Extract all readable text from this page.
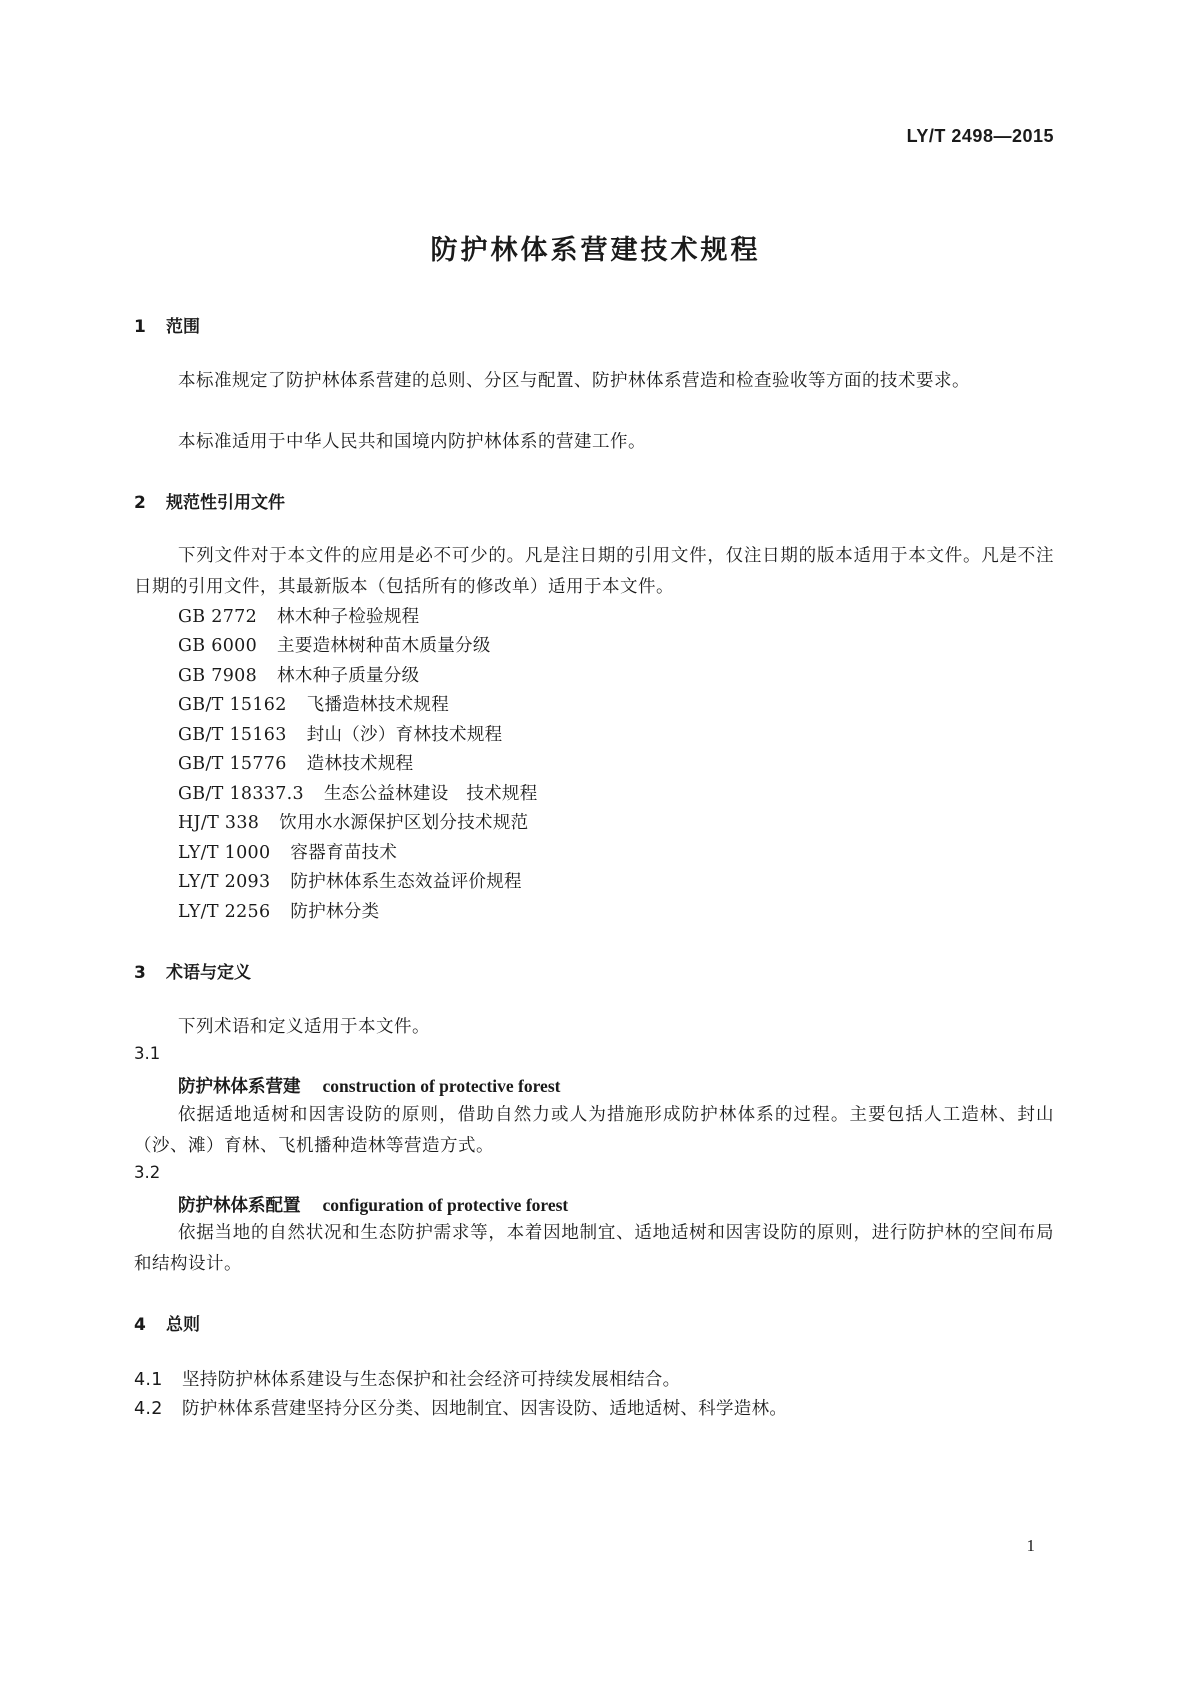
LY/T 2498—2015
防护林体系营建技术规程
1 范围
本标准规定了防护林体系营建的总则、分区与配置、防护林体系营造和检查验收等方面的技术要求。
本标准适用于中华人民共和国境内防护林体系的营建工作。
2 规范性引用文件
下列文件对于本文件的应用是必不可少的。凡是注日期的引用文件，仅注日期的版本适用于本文件。凡是不注日期的引用文件，其最新版本（包括所有的修改单）适用于本文件。
GB 2772 林木种子检验规程
GB 6000 主要造林树种苗木质量分级
GB 7908 林木种子质量分级
GB/T 15162 飞播造林技术规程
GB/T 15163 封山（沙）育林技术规程
GB/T 15776 造林技术规程
GB/T 18337.3 生态公益林建设　技术规程
HJ/T 338 饮用水水源保护区划分技术规范
LY/T 1000 容器育苗技术
LY/T 2093 防护林体系生态效益评价规程
LY/T 2256 防护林分类
3 术语与定义
下列术语和定义适用于本文件。
3.1
防护林体系营建 construction of protective forest
依据适地适树和因害设防的原则，借助自然力或人为措施形成防护林体系的过程。主要包括人工造林、封山（沙、滩）育林、飞机播种造林等营造方式。
3.2
防护林体系配置 configuration of protective forest
依据当地的自然状况和生态防护需求等，本着因地制宜、适地适树和因害设防的原则，进行防护林的空间布局和结构设计。
4 总则
4.1 坚持防护林体系建设与生态保护和社会经济可持续发展相结合。
4.2 防护林体系营建坚持分区分类、因地制宜、因害设防、适地适树、科学造林。
1
